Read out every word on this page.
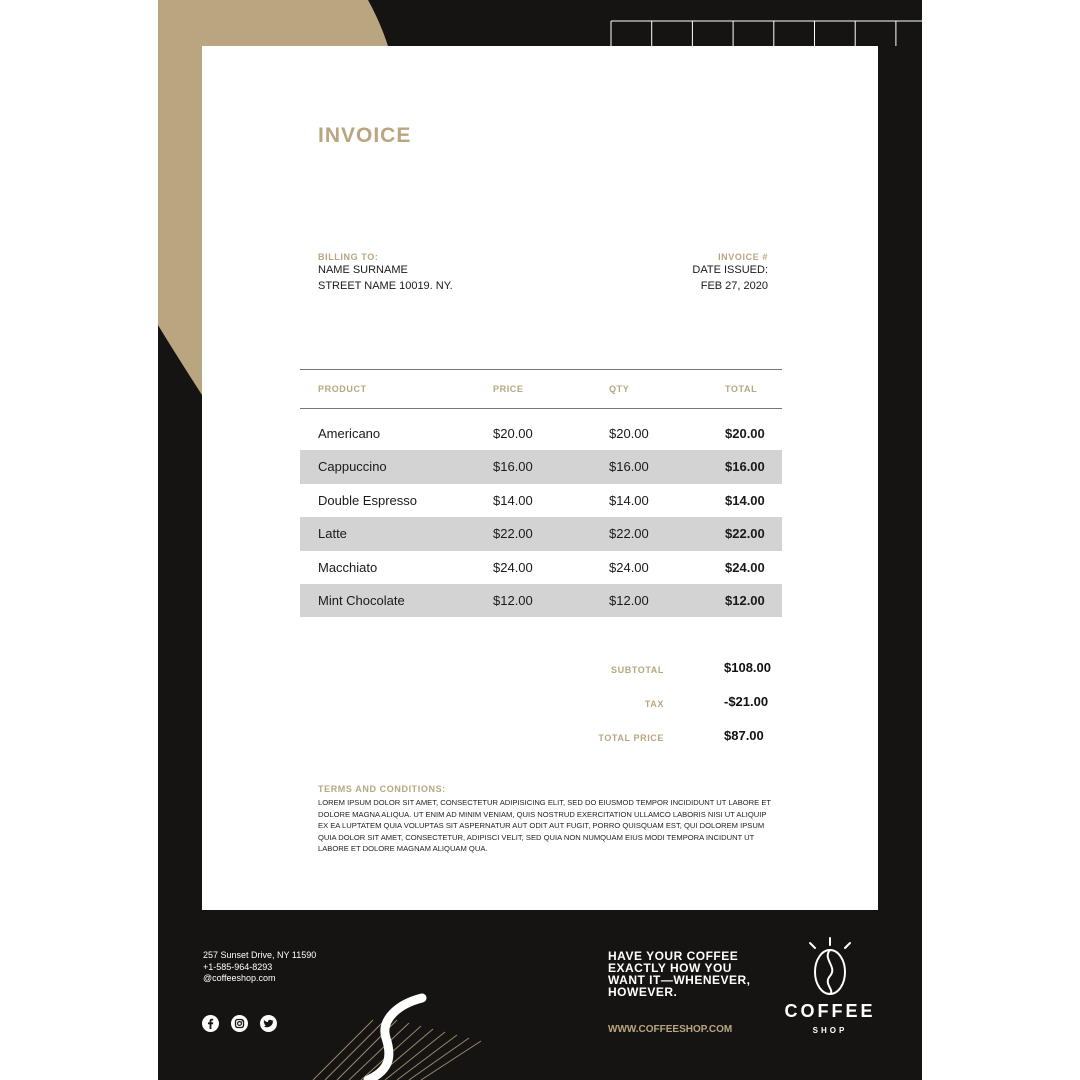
INVOICE
BILLING TO:
NAME SURNAME
STREET NAME 10019. NY.
INVOICE #
DATE ISSUED:
FEB 27, 2020
PRODUCT	PRICE	QTY	TOTAL
Americano	$20.00	$20.00	$20.00
Cappuccino	$16.00	$16.00	$16.00
Double Espresso	$14.00	$14.00	$14.00
Latte	$22.00	$22.00	$22.00
Macchiato	$24.00	$24.00	$24.00
Mint Chocolate	$12.00	$12.00	$12.00
SUBTOTAL	$108.00
TAX	-$21.00
TOTAL PRICE	$87.00
TERMS AND CONDITIONS:
LOREM IPSUM DOLOR SIT AMET, CONSECTETUR ADIPISICING ELIT, SED DO EIUSMOD TEMPOR INCIDIDUNT UT LABORE ET DOLORE MAGNA ALIQUA. UT ENIM AD MINIM VENIAM, QUIS NOSTRUD EXERCITATION ULLAMCO LABORIS NISI UT ALIQUIP EX EA LUPTATEM QUIA VOLUPTAS SIT ASPERNATUR AUT ODIT AUT FUGIT, PORRO QUISQUAM EST, QUI DOLOREM IPSUM QUIA DOLOR SIT AMET, CONSECTETUR, ADIPISCI VELIT, SED QUIA NON NUMQUAM EIUS MODI TEMPORA INCIDUNT UT LABORE ET DOLORE MAGNAM ALIQUAM QUA.
257 Sunset Drive, NY 11590
+1-585-964-8293
@coffeeshop.com
HAVE YOUR COFFEE
EXACTLY HOW YOU
WANT IT—WHENEVER,
HOWEVER.
WWW.COFFEESHOP.COM
COFFEE
SHOP
